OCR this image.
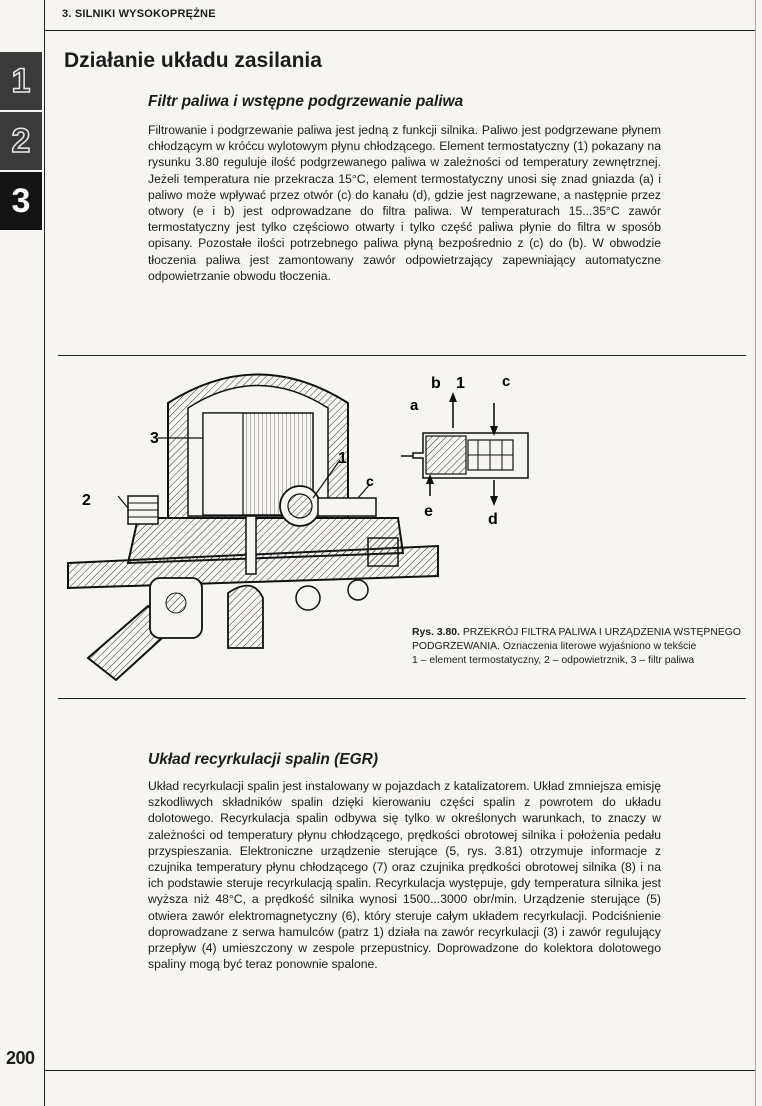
3. SILNIKI WYSOKOPRĘŻNE
1
2
3
Działanie układu zasilania
Filtr paliwa i wstępne podgrzewanie paliwa
Filtrowanie i podgrzewanie paliwa jest jedną z funkcji silnika. Paliwo jest podgrzewane płynem chłodzącym w króćcu wylotowym płynu chłodzącego. Element termostatyczny (1) pokazany na rysunku 3.80 reguluje ilość podgrzewanego paliwa w zależności od temperatury zewnętrznej. Jeżeli temperatura nie przekracza 15°C, element termostatyczny unosi się znad gniazda (a) i paliwo może wpływać przez otwór (c) do kanału (d), gdzie jest nagrzewane, a następnie przez otwory (e i b) jest odprowadzane do filtra paliwa. W temperaturach 15...35°C zawór termostatyczny jest tylko częściowo otwarty i tylko część paliwa płynie do filtra w sposób opisany. Pozostałe ilości potrzebnego paliwa płyną bezpośrednio z (c) do (b). W obwodzie tłoczenia paliwa jest zamontowany zawór odpowietrzający zapewniający automatyczne odpowietrzanie obwodu tłoczenia.
3
2
1
c
b 1 c
a
e	d
Rys. 3.80. PRZEKRÓJ FILTRA PALIWA I URZĄDZENIA WSTĘPNEGO PODGRZEWANIA. Oznaczenia literowe wyjaśniono w tekście
1 – element termostatyczny, 2 – odpowietrznik, 3 – filtr paliwa
Układ recyrkulacji spalin (EGR)
Układ recyrkulacji spalin jest instalowany w pojazdach z katalizatorem. Układ zmniejsza emisję szkodliwych składników spalin dzięki kierowaniu części spalin z powrotem do układu dolotowego. Recyrkulacja spalin odbywa się tylko w określonych warunkach, to znaczy w zależności od temperatury płynu chłodzącego, prędkości obrotowej silnika i położenia pedału przyspieszania. Elektroniczne urządzenie sterujące (5, rys. 3.81) otrzymuje informacje z czujnika temperatury płynu chłodzącego (7) oraz czujnika prędkości obrotowej silnika (8) i na ich podstawie steruje recyrkulacją spalin. Recyrkulacja występuje, gdy temperatura silnika jest wyższa niż 48°C, a prędkość silnika wynosi 1500...3000 obr/min. Urządzenie sterujące (5) otwiera zawór elektromagnetyczny (6), który steruje całym układem recyrkulacji. Podciśnienie doprowadzane z serwa hamulców (patrz 1) działa na zawór recyrkulacji (3) i zawór regulujący przepływ (4) umieszczony w zespole przepustnicy. Doprowadzone do kolektora dolotowego spaliny mogą być teraz ponownie spalone.
200
